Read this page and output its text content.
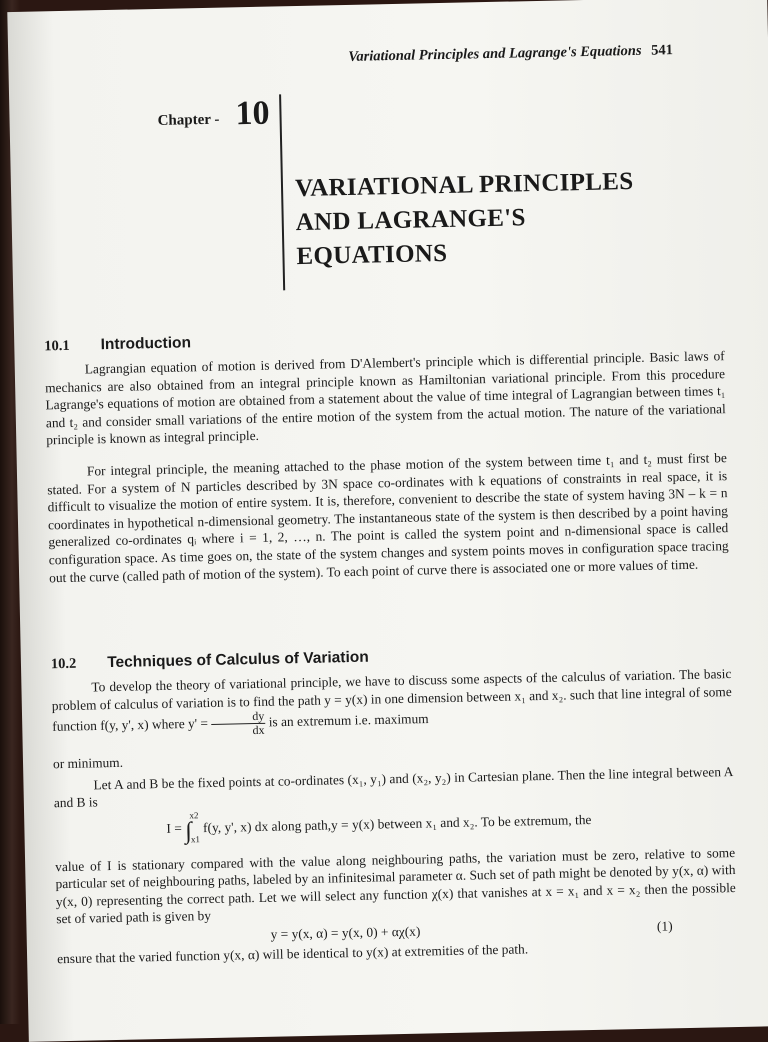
Variational Principles and Lagrange's Equations 541
Chapter - 10
VARIATIONAL PRINCIPLES
AND LAGRANGE'S
EQUATIONS
10.1 Introduction

Lagrangian equation of motion is derived from D'Alembert's principle which is differential principle. Basic laws of mechanics are also obtained from an integral principle known as Hamiltonian variational principle. From this procedure Lagrange's equations of motion are obtained from a statement about the value of time integral of Lagrangian between times t₁ and t₂ and consider small variations of the entire motion of the system from the actual motion. The nature of the variational principle is known as integral principle.

For integral principle, the meaning attached to the phase motion of the system between time t₁ and t₂ must first be stated. For a system of N particles described by 3N space co-ordinates with k equations of constraints in real space, it is difficult to visualize the motion of entire system. It is, therefore, convenient to describe the state of system having 3N – k = n coordinates in hypothetical n-dimensional geometry. The instantaneous state of the system is then described by a point having generalized co-ordinates qᵢ where i = 1, 2, …, n. The point is called the system point and n-dimensional space is called configuration space. As time goes on, the state of the system changes and system points moves in configuration space tracing out the curve (called path of motion of the system). To each point of curve there is associated one or more values of time.

10.2 Techniques of Calculus of Variation

To develop the theory of variational principle, we have to discuss some aspects of the calculus of variation. The basic problem of calculus of variation is to find the path y = y(x) in one dimension between x₁ and x₂. such that line integral of some function f(y, y', x) where $y' = \frac{dy}{dx}$ is an extremum i.e. maximum

or minimum.

Let A and B be the fixed points at co-ordinates (x₁, y₁) and (x₂, y₂) in Cartesian plane. Then the line integral between A and B is

I = ∫$^{x2}_{x1}$ f(y, y', x) dx along path,y = y(x) between x₁ and x₂. To be extremum, the

value of I is stationary compared with the value along neighbouring paths, the variation must be zero, relative to some particular set of neighbouring paths, labeled by an infinitesimal parameter α. Such set of path might be denoted by y(x, α) with y(x, 0) representing the correct path. Let we will select any function χ(x) that vanishes at x = x₁ and x = x₂ then the possible set of varied path is given by

y = y(x, α) = y(x, 0) + αχ(x)	(1)

ensure that the varied function y(x, α) will be identical to y(x) at extremities of the path.
